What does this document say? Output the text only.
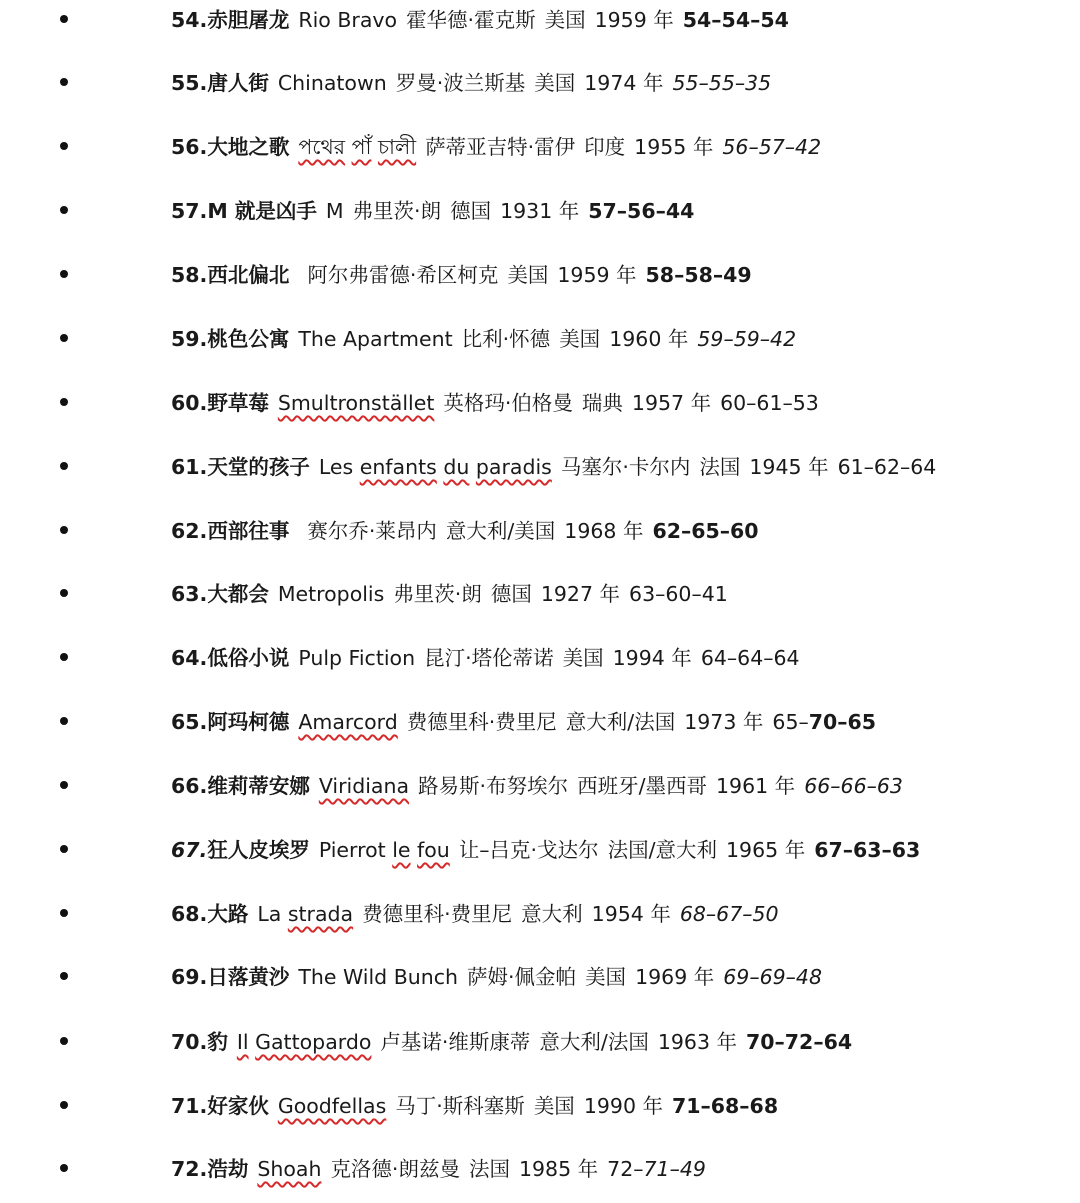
54.赤胆屠龙 Rio Bravo 霍华德·霍克斯 美国 1959 年 54–54–54
55.唐人街 Chinatown 罗曼·波兰斯基 美国 1974 年 55–55–35
56.大地之歌 পথের পাঁ চালী 萨蒂亚吉特·雷伊 印度 1955 年 56–57–42
57.M 就是凶手 M 弗里茨·朗 德国 1931 年 57–56–44
58.西北偏北 阿尔弗雷德·希区柯克 美国 1959 年 58–58–49
59.桃色公寓 The Apartment 比利·怀德 美国 1960 年 59–59–42
60.野草莓 Smultronstället 英格玛·伯格曼 瑞典 1957 年 60–61–53
61.天堂的孩子 Les enfants du paradis 马塞尔·卡尔内 法国 1945 年 61–62–64
62.西部往事 赛尔乔·莱昂内 意大利/美国 1968 年 62–65–60
63.大都会 Metropolis 弗里茨·朗 德国 1927 年 63–60–41
64.低俗小说 Pulp Fiction 昆汀·塔伦蒂诺 美国 1994 年 64–64–64
65.阿玛柯德 Amarcord 费德里科·费里尼 意大利/法国 1973 年 65–70–65
66.维莉蒂安娜 Viridiana 路易斯·布努埃尔 西班牙/墨西哥 1961 年 66–66–63
67.狂人皮埃罗 Pierrot le fou 让–吕克·戈达尔 法国/意大利 1965 年 67–63–63
68.大路 La strada 费德里科·费里尼 意大利 1954 年 68–67–50
69.日落黄沙 The Wild Bunch 萨姆·佩金帕 美国 1969 年 69–69–48
70.豹 Il Gattopardo 卢基诺·维斯康蒂 意大利/法国 1963 年 70–72–64
71.好家伙 Goodfellas 马丁·斯科塞斯 美国 1990 年 71–68–68
72.浩劫 Shoah 克洛德·朗兹曼 法国 1985 年 72–71–49
